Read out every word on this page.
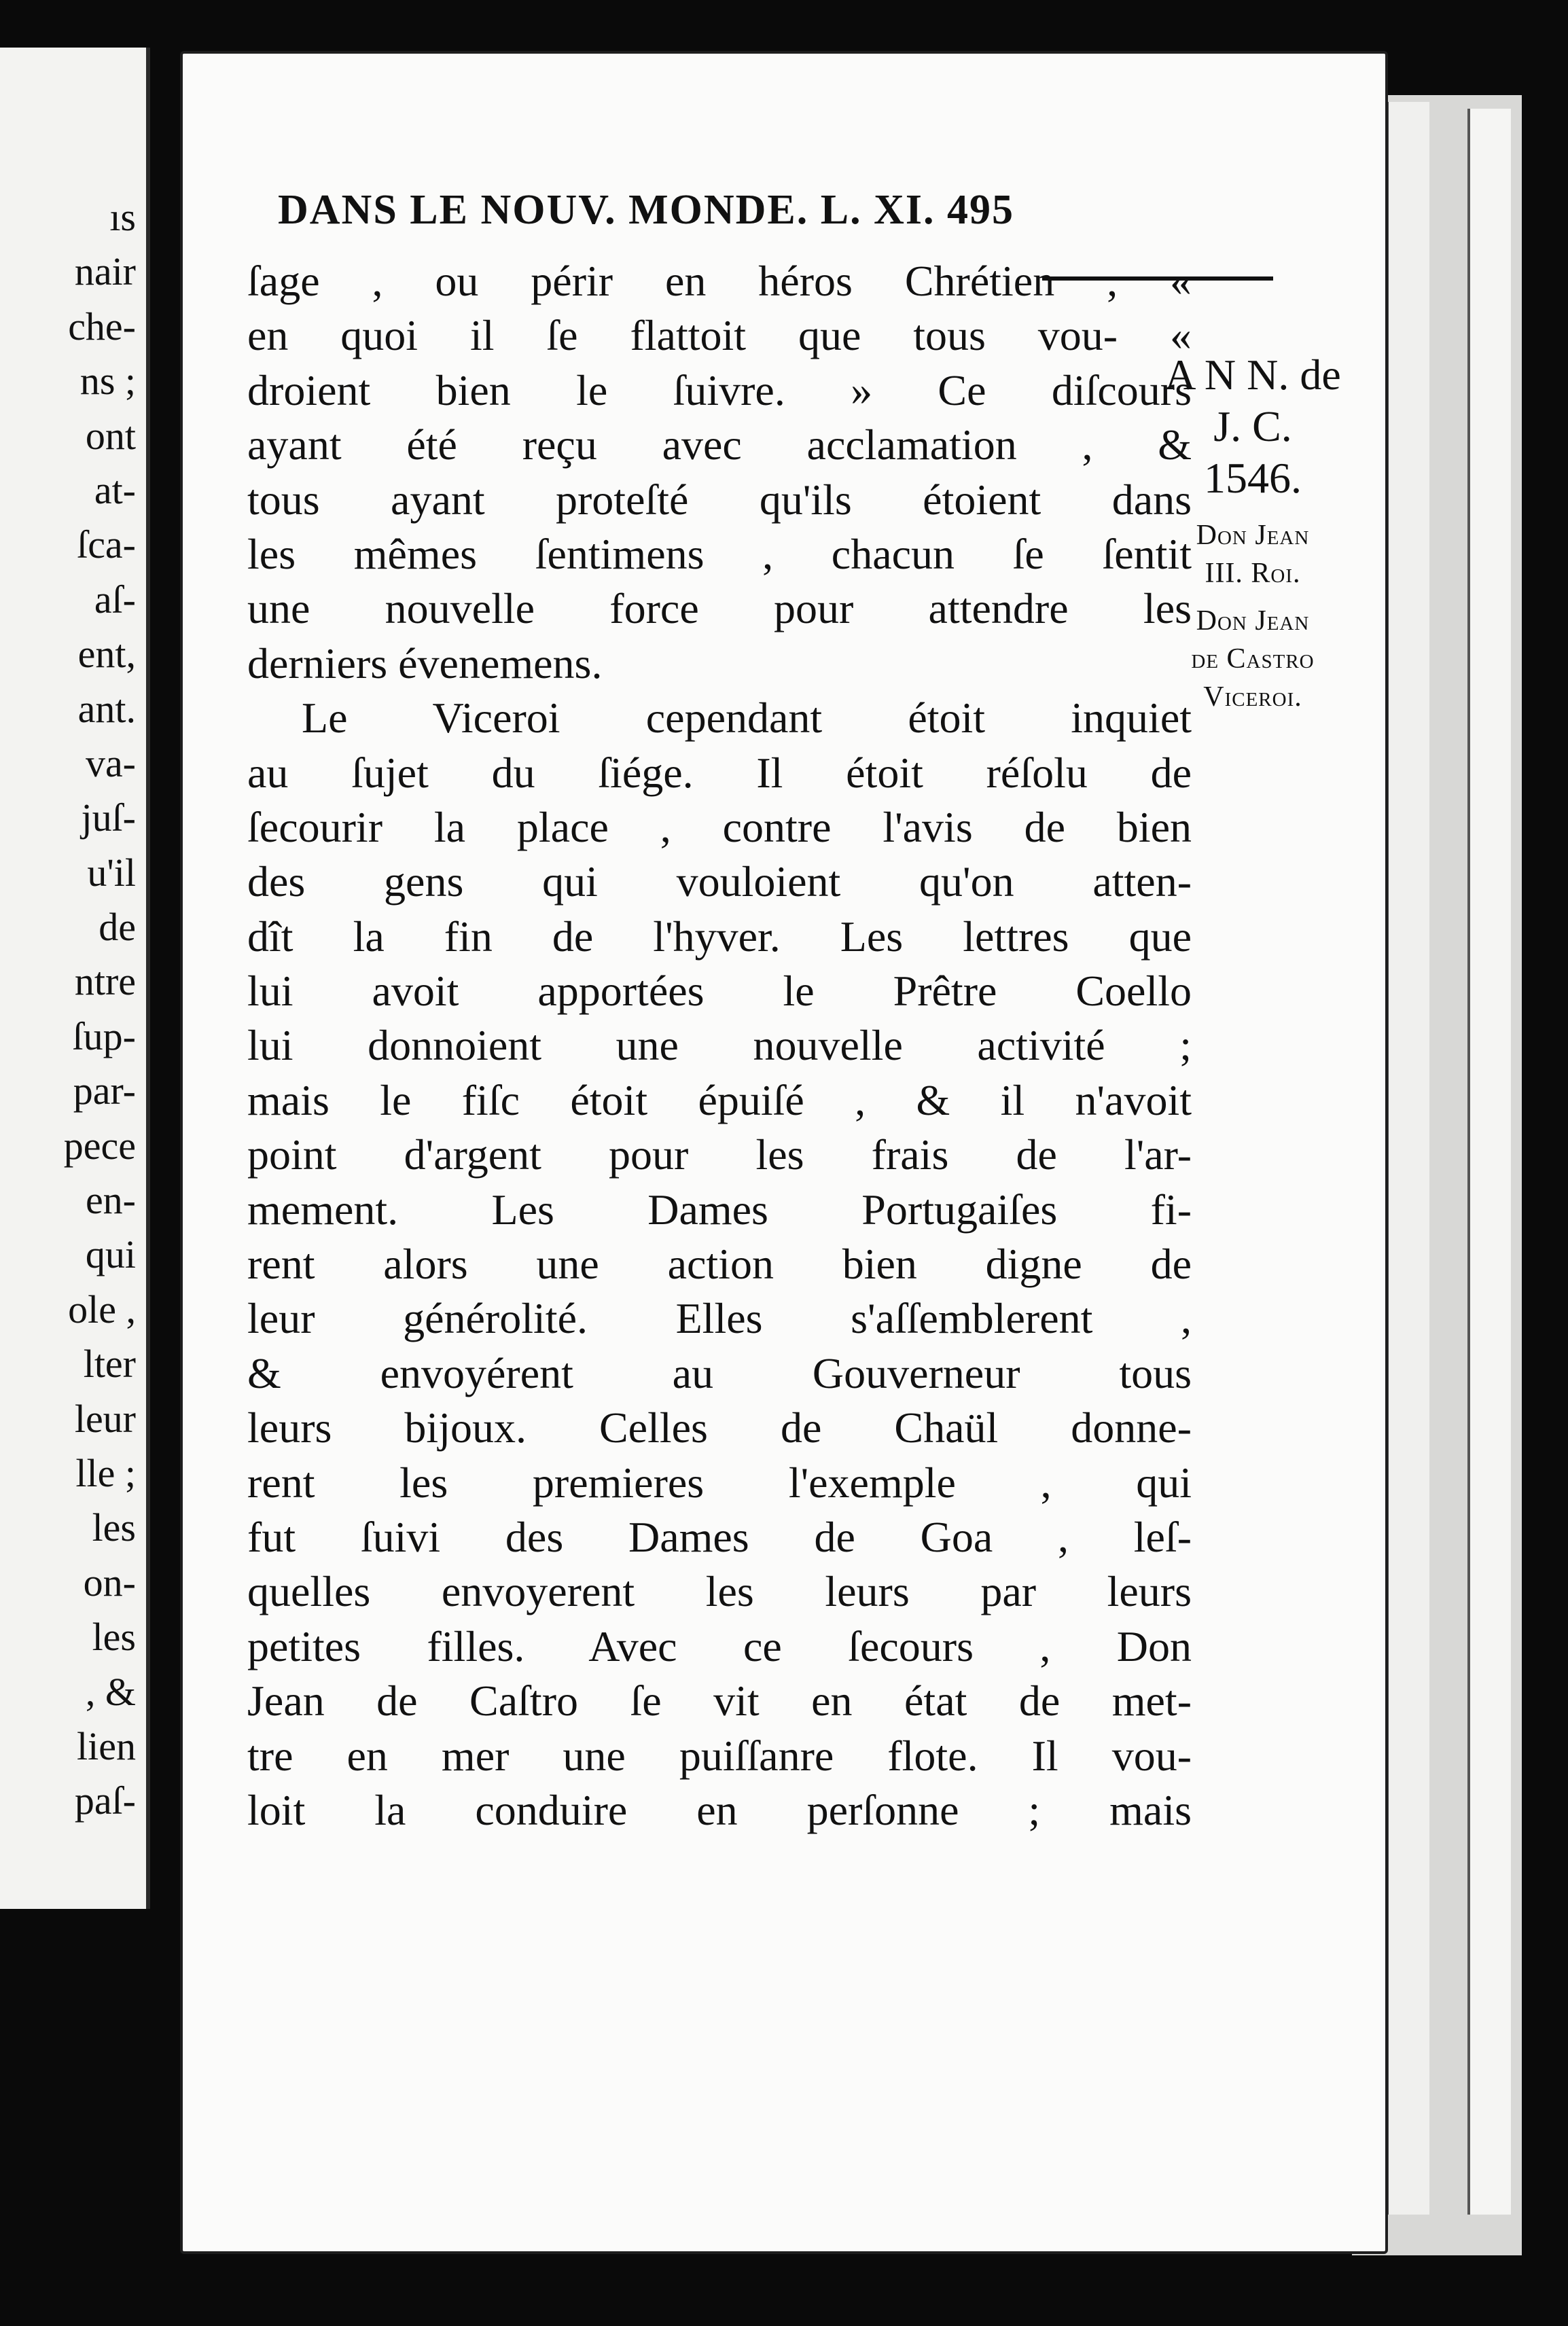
ıs
nair
che-
ns ;
ont
at-
ſca-
aſ-
ent,
ant.
va-
juſ-
u'il
de
ntre
ſup-
par-
pece
en-
qui
ole ,
lter
leur
lle ;
les
on-
les
, &
lien
paſ-
DANS LE NOUV. MONDE. L. XI. 495
ſage , ou périr en héros Chrétien , «
en quoi il ſe flattoit que tous vou- «
droient bien le ſuivre. » Ce diſcours
ayant été reçu avec acclamation , &
tous ayant proteſté qu'ils étoient dans
les mêmes ſentimens , chacun ſe ſentit
une nouvelle force pour attendre les
derniers évenemens.
Le Viceroi cependant étoit inquiet
au ſujet du ſiége. Il étoit réſolu de
ſecourir la place , contre l'avis de bien
des gens qui vouloient qu'on atten-
dît la fin de l'hyver. Les lettres que
lui avoit apportées le Prêtre Coello
lui donnoient une nouvelle activité ;
mais le fiſc étoit épuiſé , & il n'avoit
point d'argent pour les frais de l'ar-
mement. Les Dames Portugaiſes fi-
rent alors une action bien digne de
leur générolité. Elles s'aſſemblerent ,
& envoyérent au Gouverneur tous
leurs bijoux. Celles de Chaül donne-
rent les premieres l'exemple , qui
fut ſuivi des Dames de Goa , leſ-
quelles envoyerent les leurs par leurs
petites filles. Avec ce ſecours , Don
Jean de Caſtro ſe vit en état de met-
tre en mer une puiſſanre flote. Il vou-
loit la conduire en perſonne ; mais
A N N. de
J. C.
1546.
Don Jean
III. Roi.
Don Jean
de Castro
Viceroi.
